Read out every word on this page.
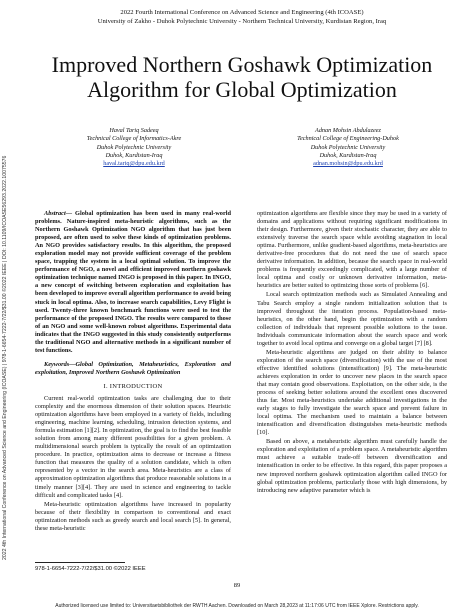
2022 4th International Conference on Advanced Science and Engineering (ICOASE) | 978-1-6654-7222-7/22/$31.00 ©2022 IEEE | DOI: 10.1109/ICOASE56293.2022.10075576
2022 Fourth International Conference on Advanced Science and Engineering (4th ICOASE)
University of Zakho - Duhok Polytechnic University - Northern Technical University, Kurdistan Region, Iraq
Improved Northern Goshawk Optimization Algorithm for Global Optimization
Haval Tariq Sadeeq
Technical College of Informatics-Akre
Duhok Polytechnic University
Duhok, Kurdistan-Iraq
haval.tariq@dpu.edu.krd
Adnan Mohsin Abdulazeez
Technical College of Engineering-Duhok
Duhok Polytechnic University
Duhok, Kurdistan-Iraq
adnan.mohsin@dpu.edu.krd

Abstract— Global optimization has been used in many real-world problems. Nature-inspired meta-heuristic algorithms, such as the Northern Goshawk Optimization NGO algorithm that has just been proposed, are often used to solve these kinds of optimization problems. An NGO provides satisfactory results. In this algorithm, the proposed exploration model may not provide sufficient coverage of the problem space, trapping the system in a local optimal solution. To improve the performance of NGO, a novel and efficient improved northern goshawk optimization technique named INGO is proposed in this paper. In INGO, a new concept of switching between exploration and exploitation has been developed to improve overall algorithm performance to avoid being stuck in local optima. Also, to increase search capabilities, Levy Flight is used. Twenty-three known benchmark functions were used to test the performance of the proposed INGO. The results were compared to those of an NGO and some well-known robust algorithms. Experimental data indicates that the INGO suggested in this study consistently outperforms the traditional NGO and alternative methods in a significant number of test functions.

Keywords—Global Optimization, Metaheuristics, Exploration and exploitation, Improved Northern Goshawk Optimization

I. INTRODUCTION

Current real-world optimization tasks are challenging due to their complexity and the enormous dimension of their solution spaces. Heuristic optimization algorithms have been employed in a variety of fields, including engineering, machine learning, scheduling, intrusion detection systems, and formula estimation [1][2]. In optimization, the goal is to find the best feasible solution from among many different possibilities for a given problem. A multidimensional search problem is typically the result of an optimization procedure. In practice, optimization aims to decrease or increase a fitness function that measures the quality of a solution candidate, which is often represented by a vector in the search area. Meta-heuristics are a class of approximation optimization algorithms that produce reasonable solutions in a timely manner [3][4]. They are used in science and engineering to tackle difficult and complicated tasks [4].

Meta-heuristic optimization algorithms have increased in popularity because of their flexibility in comparison to conventional and exact optimization methods such as greedy search and local search [5]. In general, these meta-heuristic

optimization algorithms are flexible since they may be used in a variety of domains and applications without requiring significant modifications in their design. Furthermore, given their stochastic character, they are able to extensively traverse the search space while avoiding stagnation in local optima. Furthermore, unlike gradient-based algorithms, meta-heuristics are derivative-free procedures that do not need the use of search space derivative information. In addition, because the search space in real-world problems is frequently exceedingly complicated, with a large number of local optima and costly or unknown derivative information, meta-heuristics are better suited to optimizing those sorts of problems [6].

Local search optimization methods such as Simulated Annealing and Tabu Search employ a single random initialization solution that is improved throughout the iteration process. Population-based meta-heuristics, on the other hand, begin the optimization with a random collection of individuals that represent possible solutions to the issue. Individuals communicate information about the search space and work together to avoid local optima and converge on a global target [7] [8].

Meta-heuristic algorithms are judged on their ability to balance exploration of the search space (diversification) with the use of the most effective identified solutions (intensification) [9]. The meta-heuristic achieves exploration in order to uncover new places in the search space that may contain good observations. Exploitation, on the other side, is the process of seeking better solutions around the excellent ones discovered thus far. Most meta-heuristics undertake additional investigations in the early stages to fully investigate the search space and prevent failure in local optima. The mechanism used to maintain a balance between intensification and diversification distinguishes meta-heuristic methods [10].

Based on above, a metaheuristic algorithm must carefully handle the exploration and exploitation of a problem space. A metaheuristic algorithm must achieve a suitable trade-off between diversification and intensification in order to be effective. In this regard, this paper proposes a new improved northern goshawk optimization algorithm called INGO for global optimization problems, particularly those with high dimensions, by introducing new adaptive parameter which is

978-1-6654-7222-7/22/$31.00 ©2022 IEEE
89
Authorized licensed use limited to: Universitaetsbibliothek der RWTH Aachen. Downloaded on March 28,2023 at 11:17:06 UTC from IEEE Xplore. Restrictions apply.
